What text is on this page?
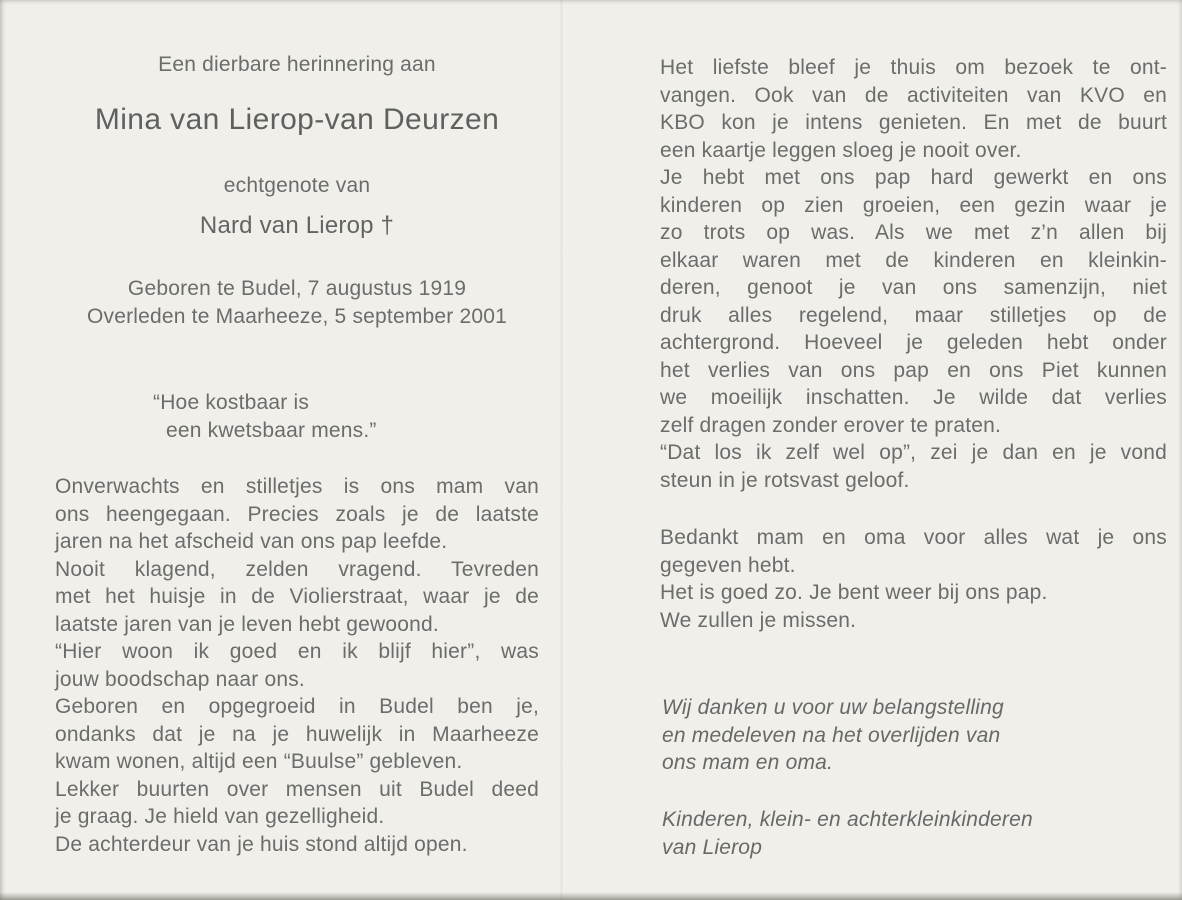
Een dierbare herinnering aan
Mina van Lierop-van Deurzen
echtgenote van
Nard van Lierop †
Geboren te Budel, 7 augustus 1919
Overleden te Maarheeze, 5 september 2001
“Hoe kostbaar is
een kwetsbaar mens.”
Onverwachts en stilletjes is ons mam van
ons heengegaan. Precies zoals je de laatste
jaren na het afscheid van ons pap leefde.
Nooit klagend, zelden vragend. Tevreden
met het huisje in de Violierstraat, waar je de
laatste jaren van je leven hebt gewoond.
“Hier woon ik goed en ik blijf hier”, was
jouw boodschap naar ons.
Geboren en opgegroeid in Budel ben je,
ondanks dat je na je huwelijk in Maarheeze
kwam wonen, altijd een “Buulse” gebleven.
Lekker buurten over mensen uit Budel deed
je graag. Je hield van gezelligheid.
De achterdeur van je huis stond altijd open.
Het liefste bleef je thuis om bezoek te ont-
vangen. Ook van de activiteiten van KVO en
KBO kon je intens genieten. En met de buurt
een kaartje leggen sloeg je nooit over.
Je hebt met ons pap hard gewerkt en ons
kinderen op zien groeien, een gezin waar je
zo trots op was. Als we met z’n allen bij
elkaar waren met de kinderen en kleinkin-
deren, genoot je van ons samenzijn, niet
druk alles regelend, maar stilletjes op de
achtergrond. Hoeveel je geleden hebt onder
het verlies van ons pap en ons Piet kunnen
we moeilijk inschatten. Je wilde dat verlies
zelf dragen zonder erover te praten.
“Dat los ik zelf wel op”, zei je dan en je vond
steun in je rotsvast geloof.
Bedankt mam en oma voor alles wat je ons
gegeven hebt.
Het is goed zo. Je bent weer bij ons pap.
We zullen je missen.
Wij danken u voor uw belangstelling
en medeleven na het overlijden van
ons mam en oma.
Kinderen, klein- en achterkleinkinderen
van Lierop
